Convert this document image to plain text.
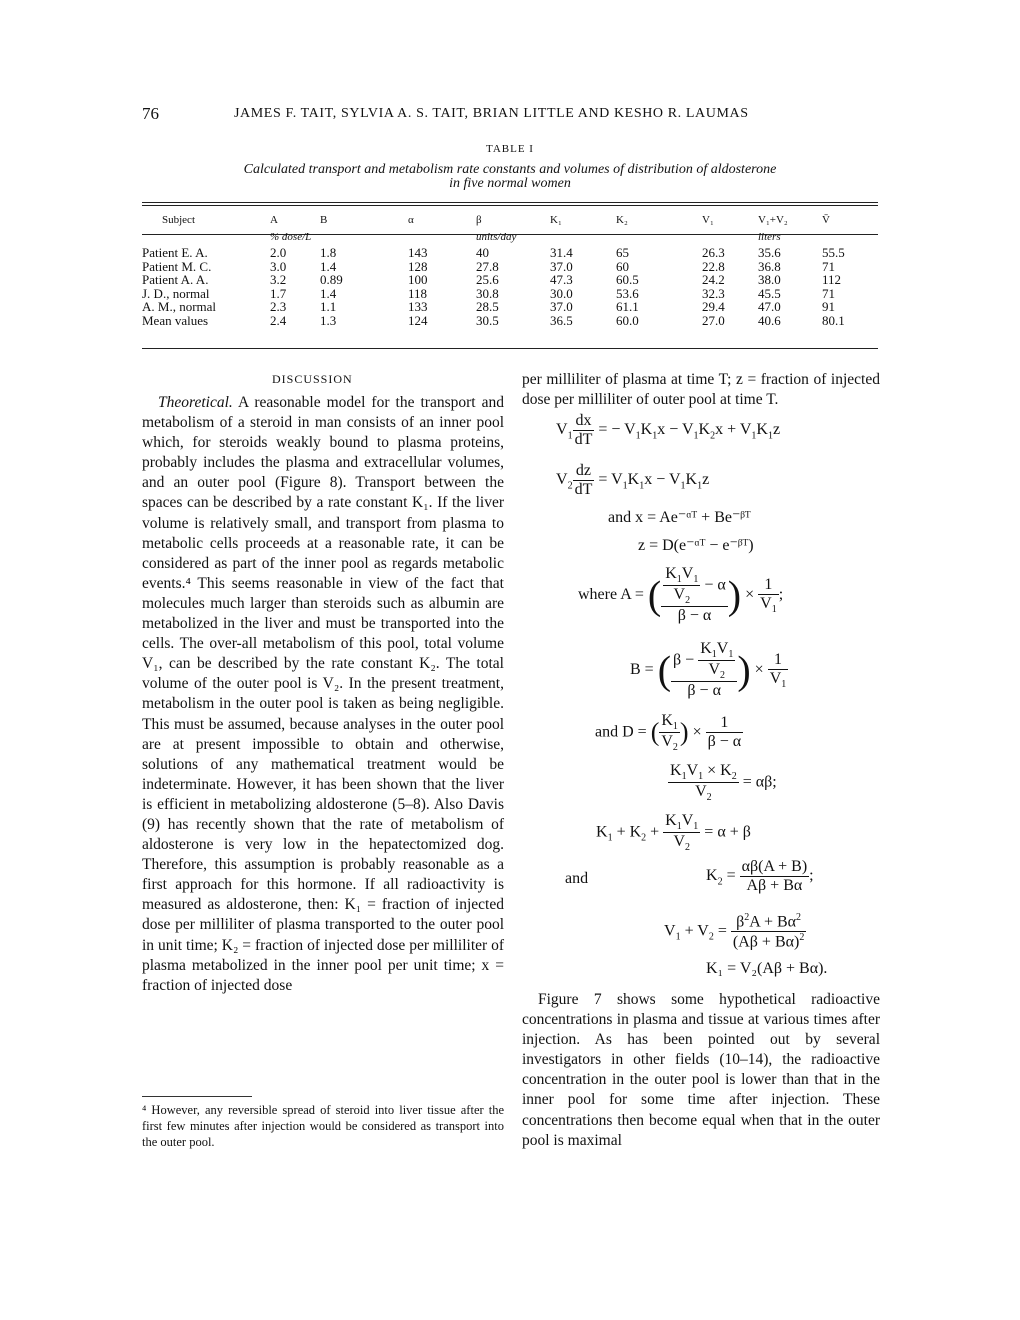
76	JAMES F. TAIT, SYLVIA A. S. TAIT, BRIAN LITTLE AND KESHO R. LAUMAS
TABLE I
Calculated transport and metabolism rate constants and volumes of distribution of aldosterone
in five normal women
Subject	A	B	α	β	K₁	K₂	V₁	V₁+V₂	V̄
	% dose/L			units/day				liters	
Patient E. A.	2.0	1.8	143	40	31.4	65	26.3	35.6	55.5
Patient M. C.	3.0	1.4	128	27.8	37.0	60	22.8	36.8	71
Patient A. A.	3.2	0.89	100	25.6	47.3	60.5	24.2	38.0	112
J. D., normal	1.7	1.4	118	30.8	30.0	53.6	32.3	45.5	71
A. M., normal	2.3	1.1	133	28.5	37.0	61.1	29.4	47.0	91
Mean values	2.4	1.3	124	30.5	36.5	60.0	27.0	40.6	80.1
DISCUSSION
Theoretical. A reasonable model for the transport and metabolism of a steroid in man consists of an inner pool which, for steroids weakly bound to plasma proteins, probably includes the plasma and extracellular volumes, and an outer pool (Figure 8). Transport between the spaces can be described by a rate constant K₁. If the liver volume is relatively small, and transport from plasma to metabolic cells proceeds at a reasonable rate, it can be considered as part of the inner pool as regards metabolic events.⁴ This seems reasonable in view of the fact that molecules much larger than steroids such as albumin are metabolized in the liver and must be transported into the cells. The over-all metabolism of this pool, total volume V₁, can be described by the rate constant K₂. The total volume of the outer pool is V₂. In the present treatment, metabolism in the outer pool is taken as being negligible. This must be assumed, because analyses in the outer pool are at present impossible to obtain and otherwise, solutions of any mathematical treatment would be indeterminate. However, it has been shown that the liver is efficient in metabolizing aldosterone (5–8). Also Davis (9) has recently shown that the rate of metabolism of aldosterone is very low in the hepatectomized dog. Therefore, this assumption is probably reasonable as a first approach for this hormone. If all radioactivity is measured as aldosterone, then: K₁ = fraction of injected dose per milliliter of plasma transported to the outer pool in unit time; K₂ = fraction of injected dose per milliliter of plasma metabolized in the inner pool per unit time; x = fraction of injected dose
⁴ However, any reversible spread of steroid into liver tissue after the first few minutes after injection would be considered as transport into the outer pool.
per milliliter of plasma at time T; z = fraction of injected dose per milliliter of outer pool at time T.
$V_1 \frac{dx}{dT}$ = − $V_1K_1x - V_1K_2x + V_1K_1z$
$V_2 \frac{dz}{dT} = V_1K_1x - V_1K_1z$
and x = Ae⁻ᵅᵀ + Be⁻ᵝᵀ
z = D(e⁻ᵅᵀ − e⁻ᵝᵀ)
where A = ( $\frac{\frac{K_1V_1}{V_2} - \alpha}{\beta - \alpha}$ ) × $\frac{1}{V_1}$ ;
B = ( $\frac{\beta - \frac{K_1V_1}{V_2}}{\beta - \alpha}$ ) × $\frac{1}{V_1}$
and D = ( $\frac{K_1}{V_2}$ ) × $\frac{1}{\beta - \alpha}$
$\frac{K_1V_1 \times K_2}{V_2} = \alpha\beta$;
$K_1 + K_2 + \frac{K_1V_1}{V_2} = \alpha + \beta$
and	$K_2 = \frac{\alpha\beta(A + B)}{A\beta + B\alpha}$ ;
$V_1 + V_2 = \frac{\beta^2A + B\alpha^2}{(A\beta + B\alpha)^2}$
K₁ = V₂(Aβ + Bα).
Figure 7 shows some hypothetical radioactive concentrations in plasma and tissue at various times after injection. As has been pointed out by several investigators in other fields (10–14), the radioactive concentration in the outer pool is lower than that in the inner pool for some time after injection. These concentrations then become equal when that in the outer pool is maximal
